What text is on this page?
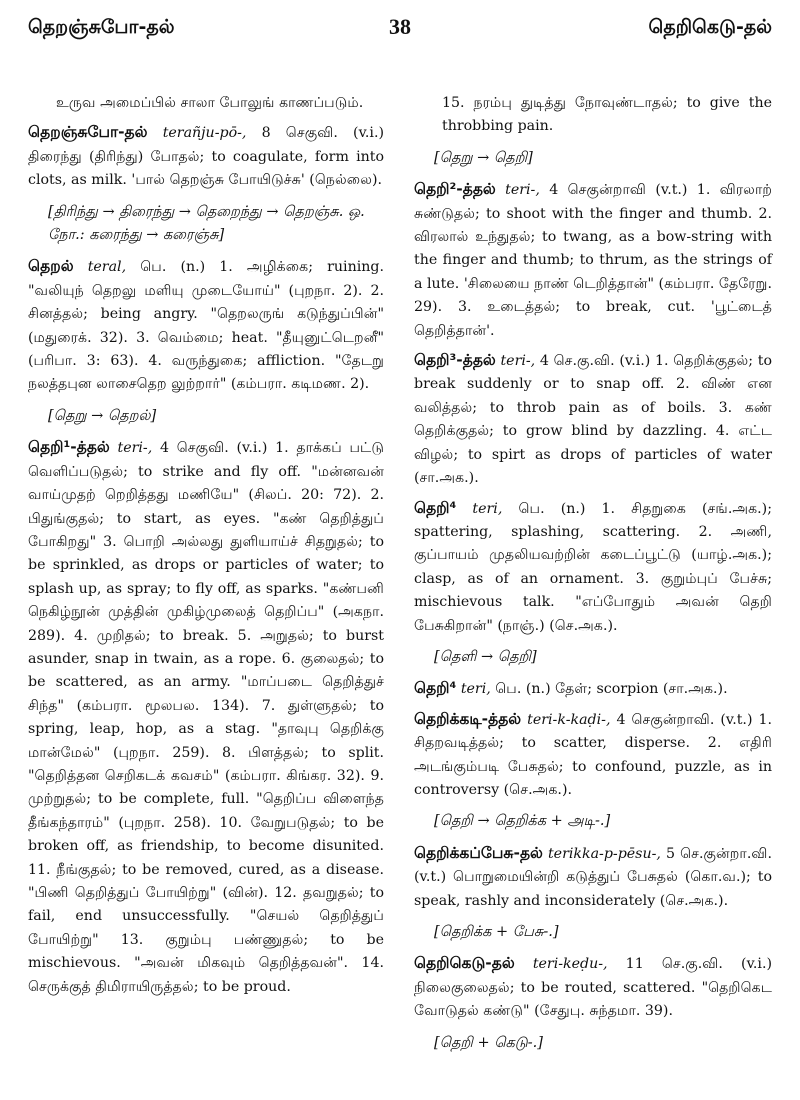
தெறஞ்சுபோ-தல்	38	தெறிகெடு-தல்

உருவ அமைப்பில் சாலா போலுங் காணப்படும்.

தெறஞ்சுபோ-தல் terañju-pō-, 8 செகுவி. (v.i.) திரைந்து (திரிந்து) போதல்; to coagulate, form into clots, as milk. 'பால் தெறஞ்சு போயிடுச்சு' (நெல்லை).

[திரிந்து → திரைந்து → தெறைந்து → தெறஞ்சு. ஒ. நோ.: கரைந்து → கரைஞ்சு]

தெறல் teral, பெ. (n.) 1. அழிக்கை; ruining. "வலியுந் தெறலு மளியு முடையோய்" (புறநா. 2). 2. சினத்தல்; being angry. "தெறலருங் கடுந்துப்பின்" (மதுரைக். 32). 3. வெம்மை; heat. "தீயுனுட்டெறனீ" (பரிபா. 3: 63). 4. வருந்துகை; affliction. "தேடறு நலத்தபுன லாசைதெற லுற்றார்" (கம்பரா. கடிமண. 2).

[தெறு → தெறல்]

தெறி¹-த்தல் teri-, 4 செகுவி. (v.i.) 1. தாக்கப் பட்டு வெளிப்படுதல்; to strike and fly off. "மன்னவன் வாய்முதற் றெறித்தது மணியே" (சிலப். 20: 72). 2. பிதுங்குதல்; to start, as eyes. "கண் தெறித்துப் போகிறது" 3. பொறி அல்லது துளியாய்ச் சிதறுதல்; to be sprinkled, as drops or particles of water; to splash up, as spray; to fly off, as sparks. "கண்பனி நெகிழ்நூன் முத்தின் முகிழ்முலைத் தெறிப்ப" (அகநா. 289). 4. முறிதல்; to break. 5. அறுதல்; to burst asunder, snap in twain, as a rope. 6. குலைதல்; to be scattered, as an army. "மாப்படை தெறித்துச் சிந்த" (கம்பரா. மூலபல. 134). 7. துள்ளுதல்; to spring, leap, hop, as a stag. "தாவுபு தெறிக்கு மான்மேல்" (புறநா. 259). 8. பிளத்தல்; to split. "தெறித்தன செறிகடக் கவசம்" (கம்பரா. கிங்கர. 32). 9. முற்றுதல்; to be complete, full. "தெறிப்ப விளைந்த தீங்கந்தாரம்" (புறநா. 258). 10. வேறுபடுதல்; to be broken off, as friendship, to become disunited. 11. நீங்குதல்; to be removed, cured, as a disease. "பிணி தெறித்துப் போயிற்று" (வின்). 12. தவறுதல்; to fail, end unsuccessfully. "செயல் தெறித்துப் போயிற்று" 13. குறும்பு பண்ணுதல்; to be mischievous. "அவன் மிகவும் தெறித்தவன்". 14. செருக்குத் திமிராயிருத்தல்; to be proud.

15. நரம்பு துடித்து நோவுண்டாதல்; to give the throbbing pain.

[தெறு → தெறி]

தெறி²-த்தல் teri-, 4 செகுன்றாவி (v.t.) 1. விரலாற் சுண்டுதல்; to shoot with the finger and thumb. 2. விரலால் உந்துதல்; to twang, as a bow-string with the finger and thumb; to thrum, as the strings of a lute. 'சிலையை நாண் டெறித்தான்" (கம்பரா. தேரேறு. 29). 3. உடைத்தல்; to break, cut. 'பூட்டைத் தெறித்தான்'.

தெறி³-த்தல் teri-, 4 செ.கு.வி. (v.i.) 1. தெறிக்குதல்; to break suddenly or to snap off. 2. விண் என வலித்தல்; to throb pain as of boils. 3. கண் தெறிக்குதல்; to grow blind by dazzling. 4. எட்ட விழல்; to spirt as drops of particles of water (சா.அக.).

தெறி⁴ teri, பெ. (n.) 1. சிதறுகை (சங்.அக.); spattering, splashing, scattering. 2. அணி, குப்பாயம் முதலியவற்றின் கடைப்பூட்டு (யாழ்.அக.); clasp, as of an ornament. 3. குறும்புப் பேச்சு; mischievous talk. "எப்போதும் அவன் தெறி பேசுகிறான்" (நாஞ்.) (செ.அக.).

[தெளி → தெறி]

தெறி⁴ teri, பெ. (n.) தேள்; scorpion (சா.அக.).

தெறிக்கடி-த்தல் teri-k-kaḍi-, 4 செகுன்றாவி. (v.t.) 1. சிதறவடித்தல்; to scatter, disperse. 2. எதிரி அடங்கும்படி பேசுதல்; to confound, puzzle, as in controversy (செ.அக.).

[தெறி → தெறிக்க + அடி-.]

தெறிக்கப்பேசு-தல் terikka-p-pēsu-, 5 செ.குன்றா.வி. (v.t.) பொறுமையின்றி கடுத்துப் பேசுதல் (கொ.வ.); to speak, rashly and inconsiderately (செ.அக.).

[தெறிக்க + பேசு-.]

தெறிகெடு-தல் teri-keḍu-, 11 செ.கு.வி. (v.i.) நிலைகுலைதல்; to be routed, scattered. "தெறிகெட வோடுதல் கண்டு" (சேதுபு. சுந்தமா. 39).

[தெறி + கெடு-.]
